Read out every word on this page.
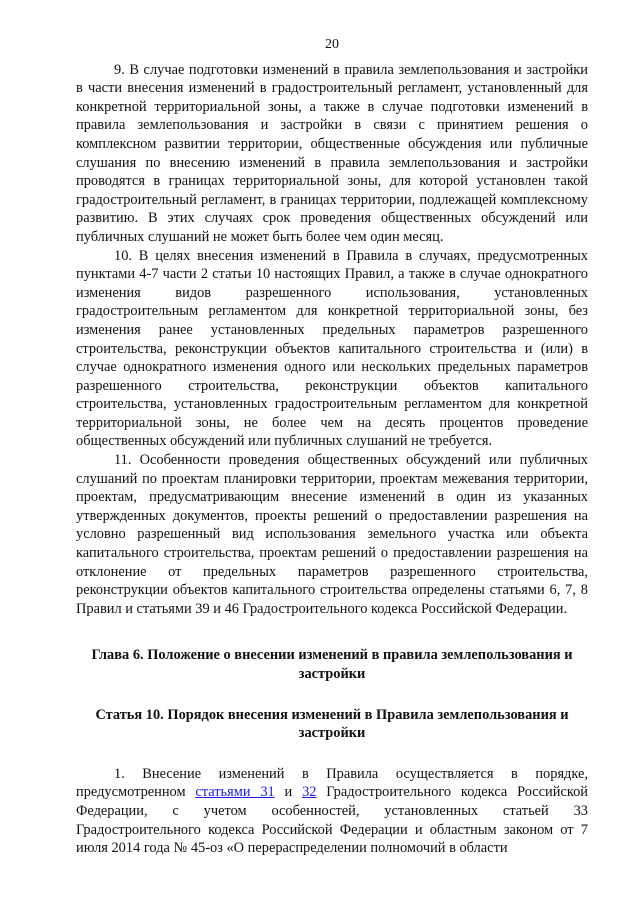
20

9. В случае подготовки изменений в правила землепользования и застройки в части внесения изменений в градостроительный регламент, установленный для конкретной территориальной зоны, а также в случае подготовки изменений в правила землепользования и застройки в связи с принятием решения о комплексном развитии территории, общественные обсуждения или публичные слушания по внесению изменений в правила землепользования и застройки проводятся в границах территориальной зоны, для которой установлен такой градостроительный регламент, в границах территории, подлежащей комплексному развитию. В этих случаях срок проведения общественных обсуждений или публичных слушаний не может быть более чем один месяц.

10. В целях внесения изменений в Правила в случаях, предусмотренных пунктами 4-7 части 2 статьи 10 настоящих Правил, а также в случае однократного изменения видов разрешенного использования, установленных градостроительным регламентом для конкретной территориальной зоны, без изменения ранее установленных предельных параметров разрешенного строительства, реконструкции объектов капитального строительства и (или) в случае однократного изменения одного или нескольких предельных параметров разрешенного строительства, реконструкции объектов капитального строительства, установленных градостроительным регламентом для конкретной территориальной зоны, не более чем на десять процентов проведение общественных обсуждений или публичных слушаний не требуется.

11. Особенности проведения общественных обсуждений или публичных слушаний по проектам планировки территории, проектам межевания территории, проектам, предусматривающим внесение изменений в один из указанных утвержденных документов, проекты решений о предоставлении разрешения на условно разрешенный вид использования земельного участка или объекта капитального строительства, проектам решений о предоставлении разрешения на отклонение от предельных параметров разрешенного строительства, реконструкции объектов капитального строительства определены статьями 6, 7, 8 Правил и статьями 39 и 46 Градостроительного кодекса Российской Федерации.

Глава 6. Положение о внесении изменений в правила землепользования и застройки

Статья 10. Порядок внесения изменений в Правила землепользования и застройки

1. Внесение изменений в Правила осуществляется в порядке, предусмотренном статьями 31 и 32 Градостроительного кодекса Российской Федерации, с учетом особенностей, установленных статьей 33 Градостроительного кодекса Российской Федерации и областным законом от 7 июля 2014 года № 45-оз «О перераспределении полномочий в области
